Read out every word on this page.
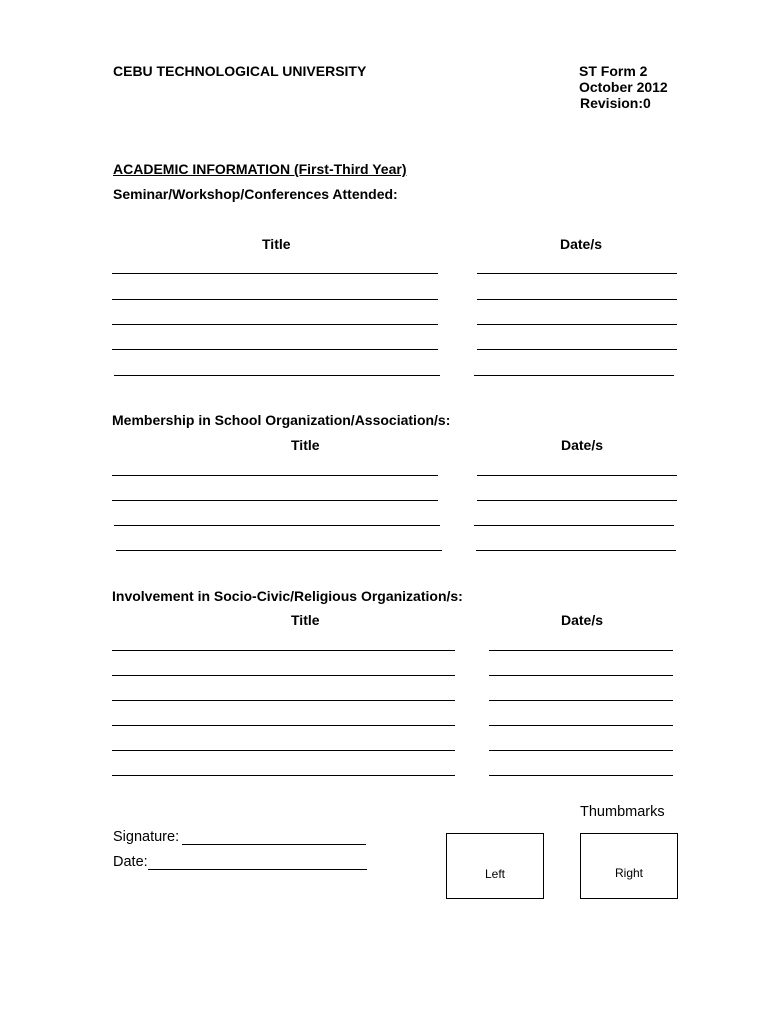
CEBU TECHNOLOGICAL UNIVERSITY	ST Form 2
October 2012
Revision:0
ACADEMIC INFORMATION (First-Third Year)
Seminar/Workshop/Conferences Attended:
Title	Date/s
Membership in School Organization/Association/s:
Title	Date/s
Involvement in Socio-Civic/Religious Organization/s:
Title	Date/s
Thumbmarks
Signature:
Date:
Left	Right
